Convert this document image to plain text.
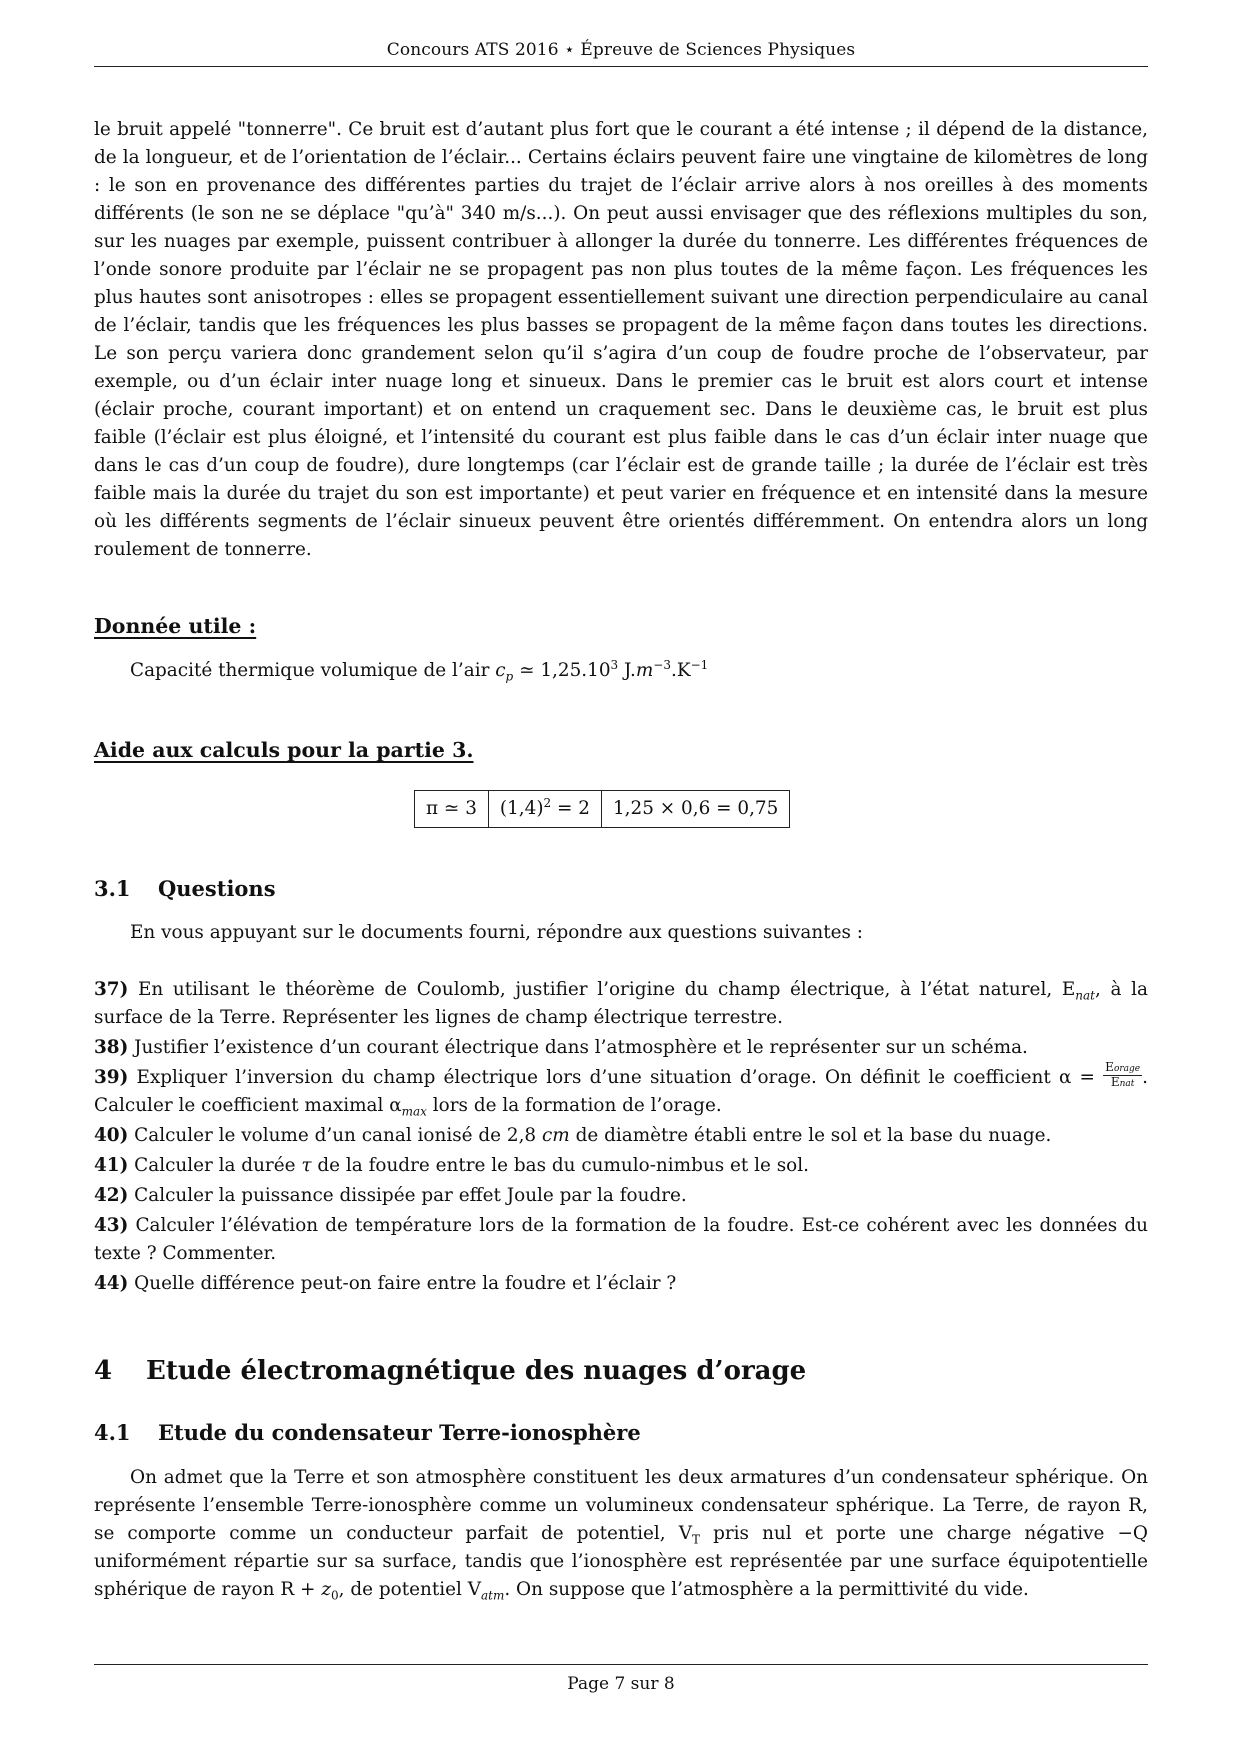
Concours ATS 2016 ⋆ Épreuve de Sciences Physiques
le bruit appelé "tonnerre". Ce bruit est d’autant plus fort que le courant a été intense ; il dépend de la distance, de la longueur, et de l’orientation de l’éclair... Certains éclairs peuvent faire une vingtaine de kilomètres de long : le son en provenance des différentes parties du trajet de l’éclair arrive alors à nos oreilles à des moments différents (le son ne se déplace "qu’à" 340 m/s...). On peut aussi envisager que des réflexions multiples du son, sur les nuages par exemple, puissent contribuer à allonger la durée du tonnerre. Les différentes fréquences de l’onde sonore produite par l’éclair ne se propagent pas non plus toutes de la même façon. Les fréquences les plus hautes sont anisotropes : elles se propagent essentiellement suivant une direction perpendiculaire au canal de l’éclair, tandis que les fréquences les plus basses se propagent de la même façon dans toutes les directions. Le son perçu variera donc grandement selon qu’il s’agira d’un coup de foudre proche de l’observateur, par exemple, ou d’un éclair inter nuage long et sinueux. Dans le premier cas le bruit est alors court et intense (éclair proche, courant important) et on entend un craquement sec. Dans le deuxième cas, le bruit est plus faible (l’éclair est plus éloigné, et l’intensité du courant est plus faible dans le cas d’un éclair inter nuage que dans le cas d’un coup de foudre), dure longtemps (car l’éclair est de grande taille ; la durée de l’éclair est très faible mais la durée du trajet du son est importante) et peut varier en fréquence et en intensité dans la mesure où les différents segments de l’éclair sinueux peuvent être orientés différemment. On entendra alors un long roulement de tonnerre.
Donnée utile :
Capacité thermique volumique de l’air $c_p$ ≃ 1,25.10$^3$ $J.m^{-3}.K^{-1}$
Aide aux calculs pour la partie 3.
π ≃ 3	$(1,4)^2 = 2$	1,25 × 0,6 = 0,75
3.1 Questions
En vous appuyant sur le documents fourni, répondre aux questions suivantes :
37) En utilisant le théorème de Coulomb, justifier l’origine du champ électrique, à l’état naturel, $E_{nat}$, à la surface de la Terre. Représenter les lignes de champ électrique terrestre.
38) Justifier l’existence d’un courant électrique dans l’atmosphère et le représenter sur un schéma.
39) Expliquer l’inversion du champ électrique lors d’une situation d’orage. On définit le coefficient $\alpha = \frac{\text{Eorage}}{\text{Enat}}$ . Calculer le coefficient maximal $\alpha_{max}$ lors de la formation de l’orage.
40) Calculer le volume d’un canal ionisé de 2,8 cm de diamètre établi entre le sol et la base du nuage.
41) Calculer la durée τ de la foudre entre le bas du cumulo-nimbus et le sol.
42) Calculer la puissance dissipée par effet Joule par la foudre.
43) Calculer l’élévation de température lors de la formation de la foudre. Est-ce cohérent avec les données du texte ? Commenter.
44) Quelle différence peut-on faire entre la foudre et l’éclair ?
4 Etude électromagnétique des nuages d’orage
4.1 Etude du condensateur Terre-ionosphère
On admet que la Terre et son atmosphère constituent les deux armatures d’un condensateur sphérique. On représente l’ensemble Terre-ionosphère comme un volumineux condensateur sphérique. La Terre, de rayon R, se comporte comme un conducteur parfait de potentiel, $V_T$ pris nul et porte une charge négative −Q uniformément répartie sur sa surface, tandis que l’ionosphère est représentée par une surface équipotentielle sphérique de rayon $R + z_0$, de potentiel $V_{atm}$. On suppose que l’atmosphère a la permittivité du vide.
Page 7 sur 8
